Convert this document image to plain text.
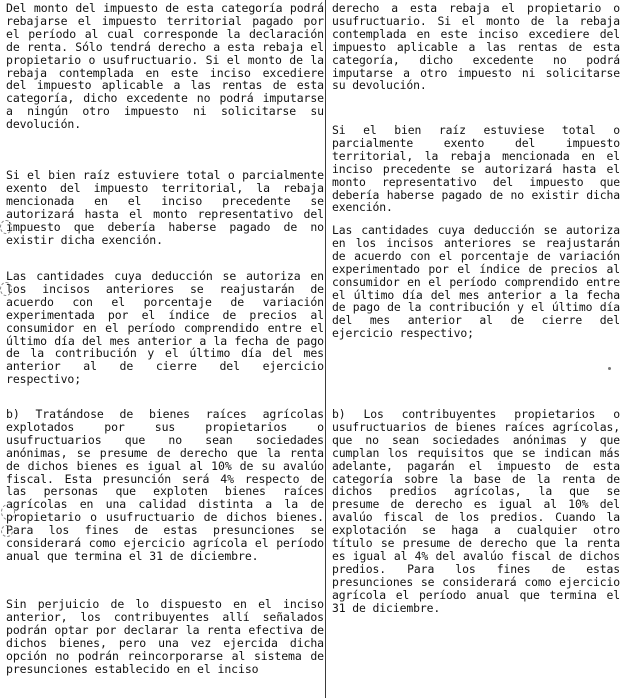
Del monto del impuesto de esta categoría podrá rebajarse el impuesto territorial pagado por el período al cual corresponde la declaración de renta. Sólo tendrá derecho a esta rebaja el propietario o usufructuario. Si el monto de la rebaja contemplada en este inciso excediere del impuesto aplicable a las rentas de esta categoría, dicho excedente no podrá imputarse a ningún otro impuesto ni solicitarse su devolución.
Si el bien raíz estuviere total o parcialmente exento del impuesto territorial, la rebaja mencionada en el inciso precedente se autorizará hasta el monto representativo del impuesto que debería haberse pagado de no existir dicha exención.
Las cantidades cuya deducción se autoriza en los incisos anteriores se reajustarán de acuerdo con el porcentaje de variación experimentada por el índice de precios al consumidor en el período comprendido entre el último día del mes anterior a la fecha de pago de la contribución y el último día del mes anterior al de cierre del ejercicio respectivo;
b) Tratándose de bienes raíces agrícolas explotados por sus propietarios o usufructuarios que no sean sociedades anónimas, se presume de derecho que la renta de dichos bienes es igual al 10% de su avalúo fiscal. Esta presunción será 4% respecto de las personas que exploten bienes raíces agrícolas en una calidad distinta a la de propietario o usufructuario de dichos bienes. Para los fines de estas presunciones se considerará como ejercicio agrícola el período anual que termina el 31 de diciembre.
Sin perjuicio de lo dispuesto en el inciso anterior, los contribuyentes allí señalados podrán optar por declarar la renta efectiva de dichos bienes, pero una vez ejercida dicha opción no podrán reincorporarse al sistema de presunciones establecido en el inciso
derecho a esta rebaja el propietario o usufructuario. Si el monto de la rebaja contemplada en este inciso excediere del impuesto aplicable a las rentas de esta categoría, dicho excedente no podrá imputarse a otro impuesto ni solicitarse su devolución.
Si el bien raíz estuviese total o parcialmente exento del impuesto territorial, la rebaja mencionada en el inciso precedente se autorizará hasta el monto representativo del impuesto que debería haberse pagado de no existir dicha exención.
Las cantidades cuya deducción se autoriza en los incisos anteriores se reajustarán de acuerdo con el porcentaje de variación experimentado por el índice de precios al consumidor en el período comprendido entre el último día del mes anterior a la fecha de pago de la contribución y el último día del mes anterior al de cierre del ejercicio respectivo;
b) Los contribuyentes propietarios o usufructuarios de bienes raíces agrícolas, que no sean sociedades anónimas y que cumplan los requisitos que se indican más adelante, pagarán el impuesto de esta categoría sobre la base de la renta de dichos predios agrícolas, la que se presume de derecho es igual al 10% del avalúo fiscal de los predios. Cuando la explotación se haga a cualquier otro título se presume de derecho que la renta es igual al 4% del avalúo fiscal de dichos predios. Para los fines de estas presunciones se considerará como ejercicio agrícola el período anual que termina el 31 de diciembre.
